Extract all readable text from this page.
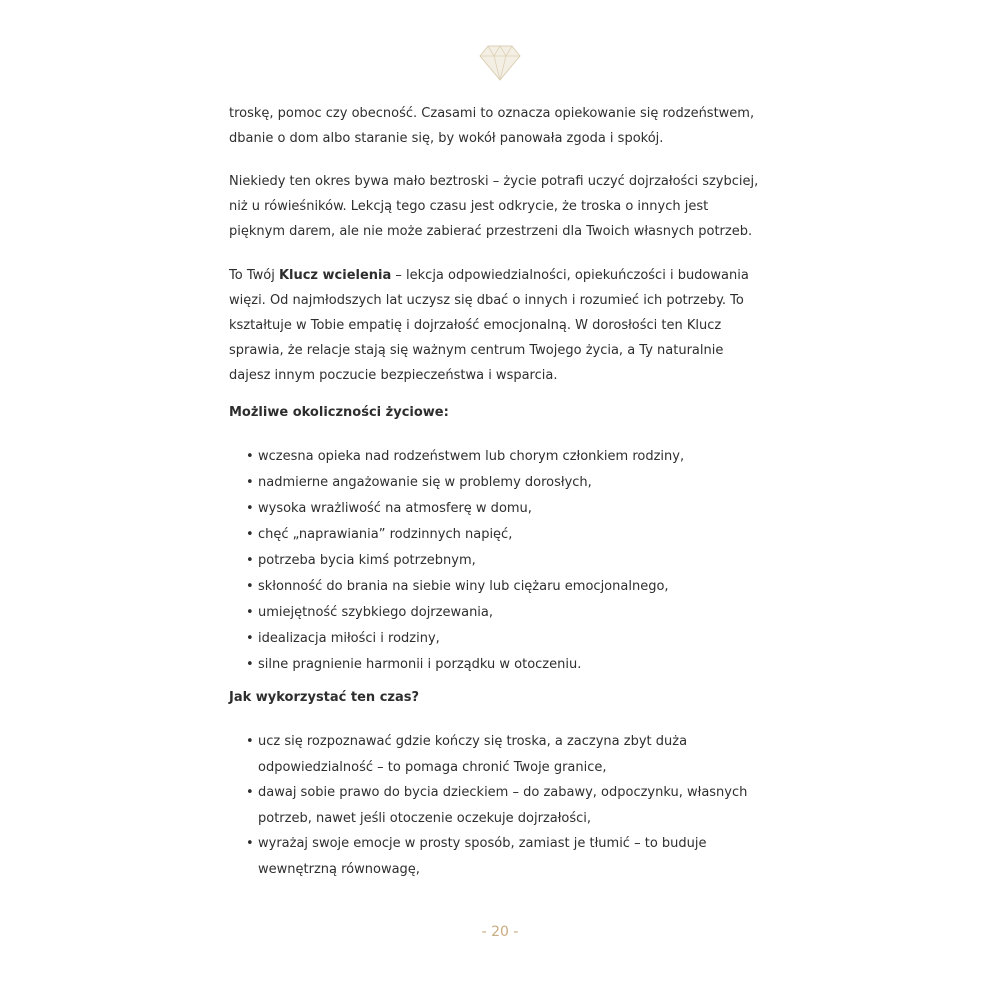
troskę, pomoc czy obecność. Czasami to oznacza opiekowanie się rodzeństwem,
dbanie o dom albo staranie się, by wokół panowała zgoda i spokój.
Niekiedy ten okres bywa mało beztroski – życie potrafi uczyć dojrzałości szybciej,
niż u rówieśników. Lekcją tego czasu jest odkrycie, że troska o innych jest
pięknym darem, ale nie może zabierać przestrzeni dla Twoich własnych potrzeb.
To Twój Klucz wcielenia – lekcja odpowiedzialności, opiekuńczości i budowania
więzi. Od najmłodszych lat uczysz się dbać o innych i rozumieć ich potrzeby. To
kształtuje w Tobie empatię i dojrzałość emocjonalną. W dorosłości ten Klucz
sprawia, że relacje stają się ważnym centrum Twojego życia, a Ty naturalnie
dajesz innym poczucie bezpieczeństwa i wsparcia.
Możliwe okoliczności życiowe:
• wczesna opieka nad rodzeństwem lub chorym członkiem rodziny,
• nadmierne angażowanie się w problemy dorosłych,
• wysoka wrażliwość na atmosferę w domu,
• chęć „naprawiania” rodzinnych napięć,
• potrzeba bycia kimś potrzebnym,
• skłonność do brania na siebie winy lub ciężaru emocjonalnego,
• umiejętność szybkiego dojrzewania,
• idealizacja miłości i rodziny,
• silne pragnienie harmonii i porządku w otoczeniu.
Jak wykorzystać ten czas?
• ucz się rozpoznawać gdzie kończy się troska, a zaczyna zbyt duża
odpowiedzialność – to pomaga chronić Twoje granice,
• dawaj sobie prawo do bycia dzieckiem – do zabawy, odpoczynku, własnych
potrzeb, nawet jeśli otoczenie oczekuje dojrzałości,
• wyrażaj swoje emocje w prosty sposób, zamiast je tłumić – to buduje
wewnętrzną równowagę,
- 20 -
